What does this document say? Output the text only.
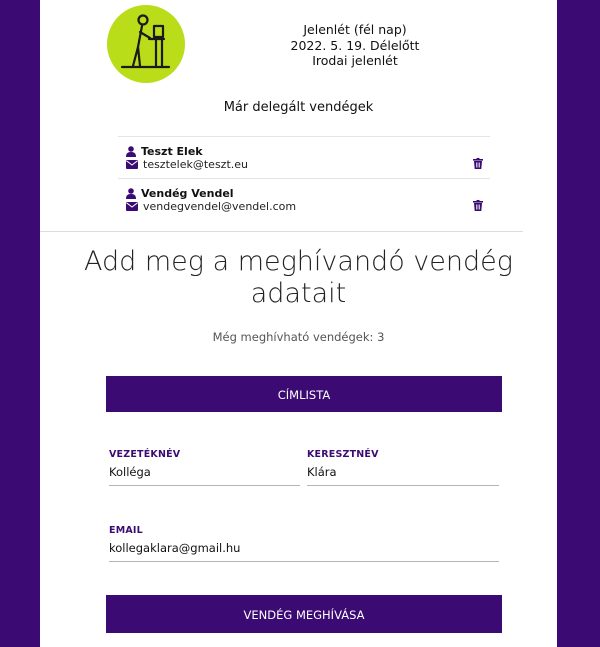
Jelenlét (fél nap)
2022. 5. 19. Délelőtt
Irodai jelenlét
Már delegált vendégek
Teszt Elek
tesztelek@teszt.eu
Vendég Vendel
vendegvendel@vendel.com
Add meg a meghívandó vendég
adatait
Még meghívható vendégek: 3
CÍMLISTA
VEZETÉKNÉV
Kolléga	KERESZTNÉV
Klára
EMAIL
kollegaklara@gmail.hu
VENDÉG MEGHÍVÁSA
